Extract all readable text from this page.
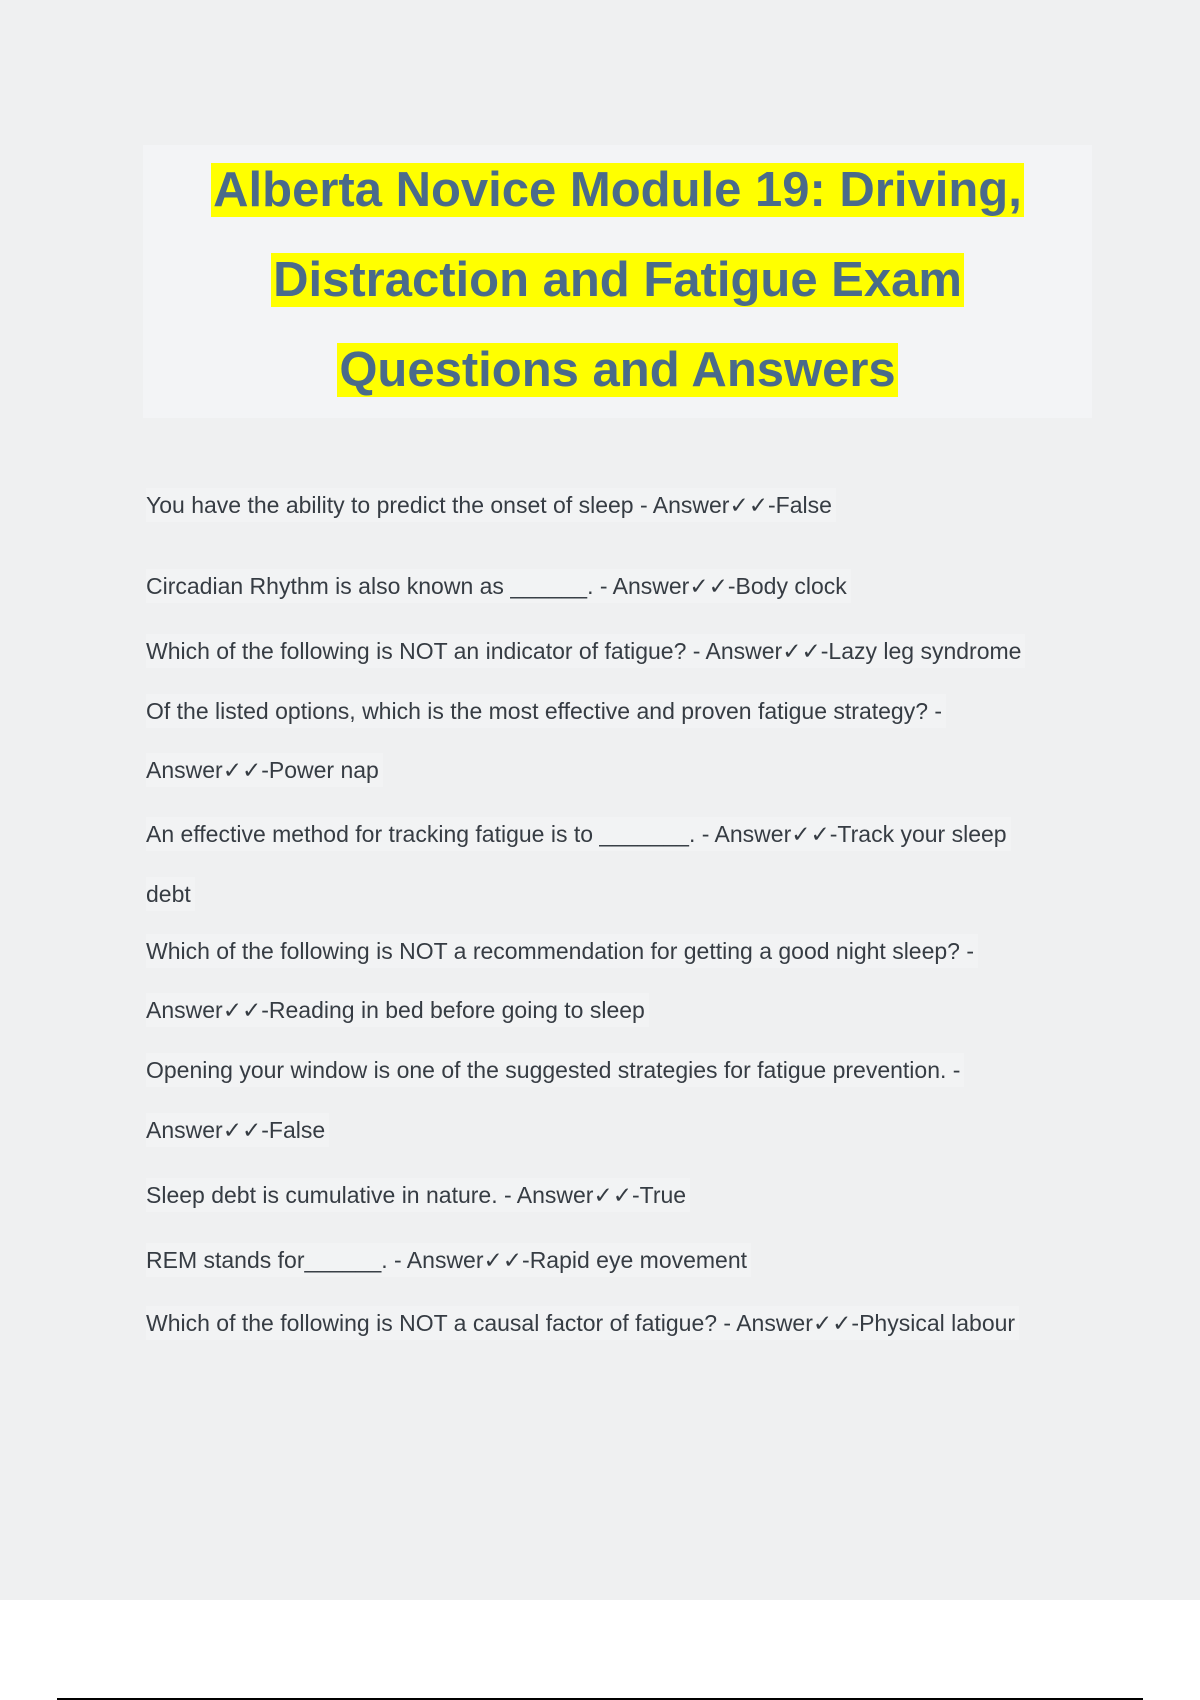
Alberta Novice Module 19: Driving,
Distraction and Fatigue Exam
Questions and Answers
You have the ability to predict the onset of sleep - Answer✓✓-False
Circadian Rhythm is also known as ______. - Answer✓✓-Body clock
Which of the following is NOT an indicator of fatigue? - Answer✓✓-Lazy leg syndrome
Of the listed options, which is the most effective and proven fatigue strategy? -
Answer✓✓-Power nap
An effective method for tracking fatigue is to _______. - Answer✓✓-Track your sleep
debt
Which of the following is NOT a recommendation for getting a good night sleep? -
Answer✓✓-Reading in bed before going to sleep
Opening your window is one of the suggested strategies for fatigue prevention. -
Answer✓✓-False
Sleep debt is cumulative in nature. - Answer✓✓-True
REM stands for______. - Answer✓✓-Rapid eye movement
Which of the following is NOT a causal factor of fatigue? - Answer✓✓-Physical labour
